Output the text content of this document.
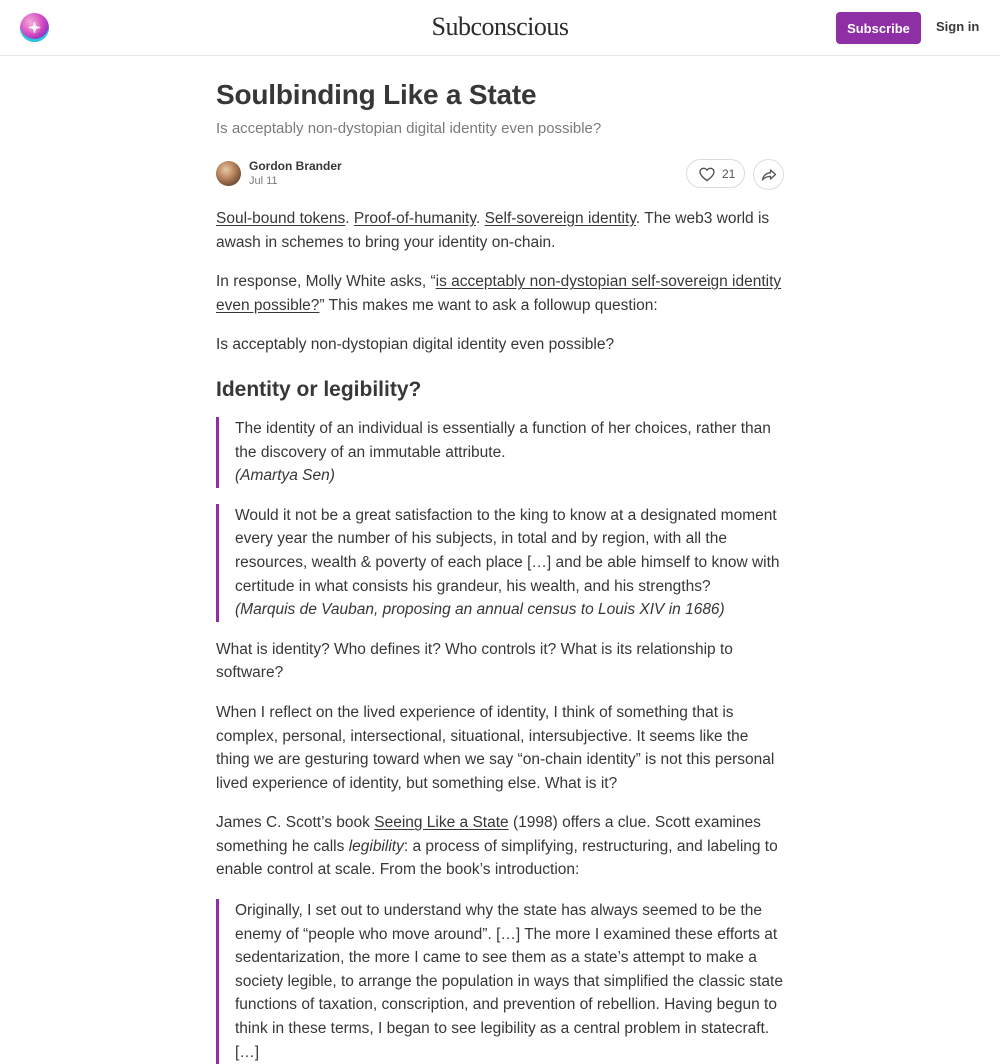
Subconscious	Subscribe	Sign in
Soulbinding Like a State
Is acceptably non-dystopian digital identity even possible?
Gordon Brander
Jul 11	21

Soul-bound tokens. Proof-of-humanity. Self-sovereign identity. The web3 world is awash in schemes to bring your identity on-chain.

In response, Molly White asks, “is acceptably non-dystopian self-sovereign identity even possible?” This makes me want to ask a followup question:

Is acceptably non-dystopian digital identity even possible?

Identity or legibility?
The identity of an individual is essentially a function of her choices, rather than the discovery of an immutable attribute.
(Amartya Sen)
Would it not be a great satisfaction to the king to know at a designated moment every year the number of his subjects, in total and by region, with all the resources, wealth & poverty of each place […] and be able himself to know with certitude in what consists his grandeur, his wealth, and his strengths?
(Marquis de Vauban, proposing an annual census to Louis XIV in 1686)

What is identity? Who defines it? Who controls it? What is its relationship to software?

When I reflect on the lived experience of identity, I think of something that is complex, personal, intersectional, situational, intersubjective. It seems like the thing we are gesturing toward when we say “on-chain identity” is not this personal lived experience of identity, but something else. What is it?

James C. Scott’s book Seeing Like a State (1998) offers a clue. Scott examines something he calls legibility: a process of simplifying, restructuring, and labeling to enable control at scale. From the book’s introduction:

Originally, I set out to understand why the state has always seemed to be the enemy of “people who move around”. […] The more I examined these efforts at sedentarization, the more I came to see them as a state’s attempt to make a society legible, to arrange the population in ways that simplified the classic state functions of taxation, conscription, and prevention of rebellion. Having begun to think in these terms, I began to see legibility as a central problem in statecraft. […]
